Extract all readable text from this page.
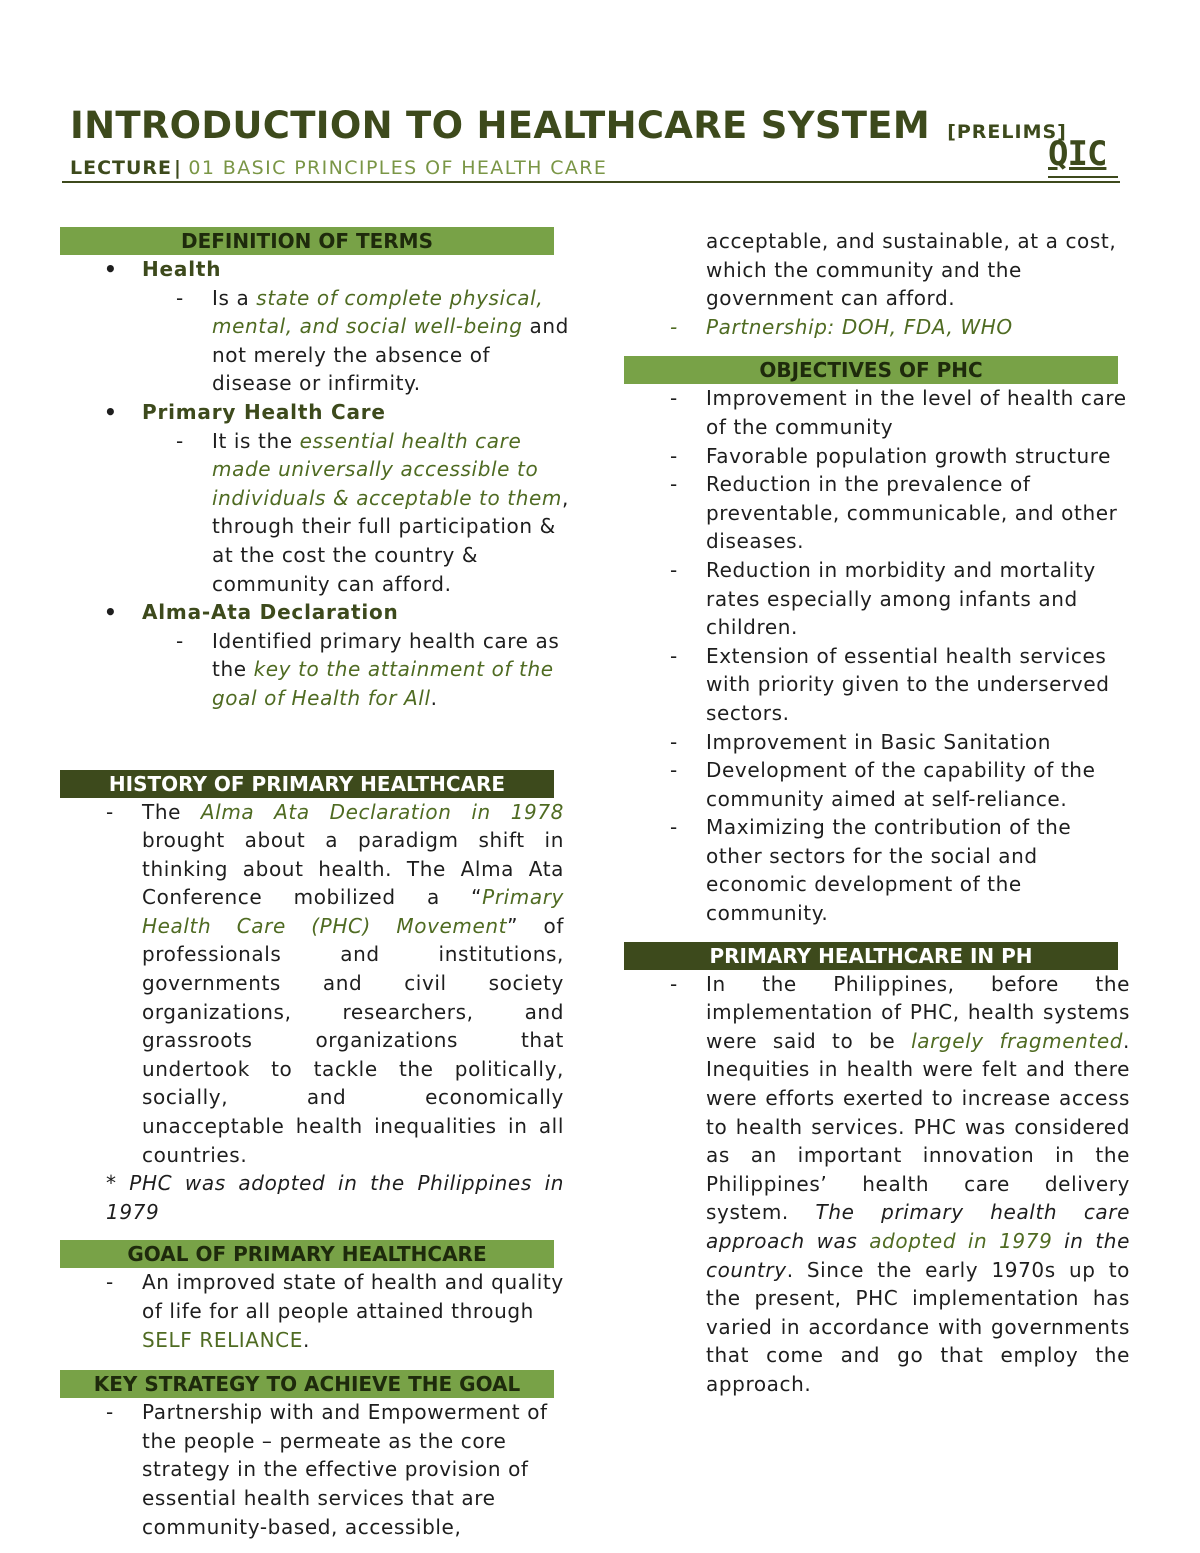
INTRODUCTION TO HEALTHCARE SYSTEM [PRELIMS]
LECTURE | 01 BASIC PRINCIPLES OF HEALTH CARE	QIC
DEFINITION OF TERMS
• Health
- Is a state of complete physical, mental, and social well-being and not merely the absence of disease or infirmity.
• Primary Health Care
- It is the essential health care made universally accessible to individuals & acceptable to them, through their full participation & at the cost the country & community can afford.
• Alma-Ata Declaration
- Identified primary health care as the key to the attainment of the goal of Health for All.
HISTORY OF PRIMARY HEALTHCARE
- The Alma Ata Declaration in 1978 brought about a paradigm shift in thinking about health. The Alma Ata Conference mobilized a “Primary Health Care (PHC) Movement” of professionals and institutions, governments and civil society organizations, researchers, and grassroots organizations that undertook to tackle the politically, socially, and economically unacceptable health inequalities in all countries.
* PHC was adopted in the Philippines in 1979
GOAL OF PRIMARY HEALTHCARE
- An improved state of health and quality of life for all people attained through SELF RELIANCE.
KEY STRATEGY TO ACHIEVE THE GOAL
- Partnership with and Empowerment of the people – permeate as the core strategy in the effective provision of essential health services that are community-based, accessible,
acceptable, and sustainable, at a cost, which the community and the government can afford.
- Partnership: DOH, FDA, WHO
OBJECTIVES OF PHC
- Improvement in the level of health care of the community
- Favorable population growth structure
- Reduction in the prevalence of preventable, communicable, and other diseases.
- Reduction in morbidity and mortality rates especially among infants and children.
- Extension of essential health services with priority given to the underserved sectors.
- Improvement in Basic Sanitation
- Development of the capability of the community aimed at self-reliance.
- Maximizing the contribution of the other sectors for the social and economic development of the community.
PRIMARY HEALTHCARE IN PH
- In the Philippines, before the implementation of PHC, health systems were said to be largely fragmented. Inequities in health were felt and there were efforts exerted to increase access to health services. PHC was considered as an important innovation in the Philippines’ health care delivery system. The primary health care approach was adopted in 1979 in the country. Since the early 1970s up to the present, PHC implementation has varied in accordance with governments that come and go that employ the approach.
